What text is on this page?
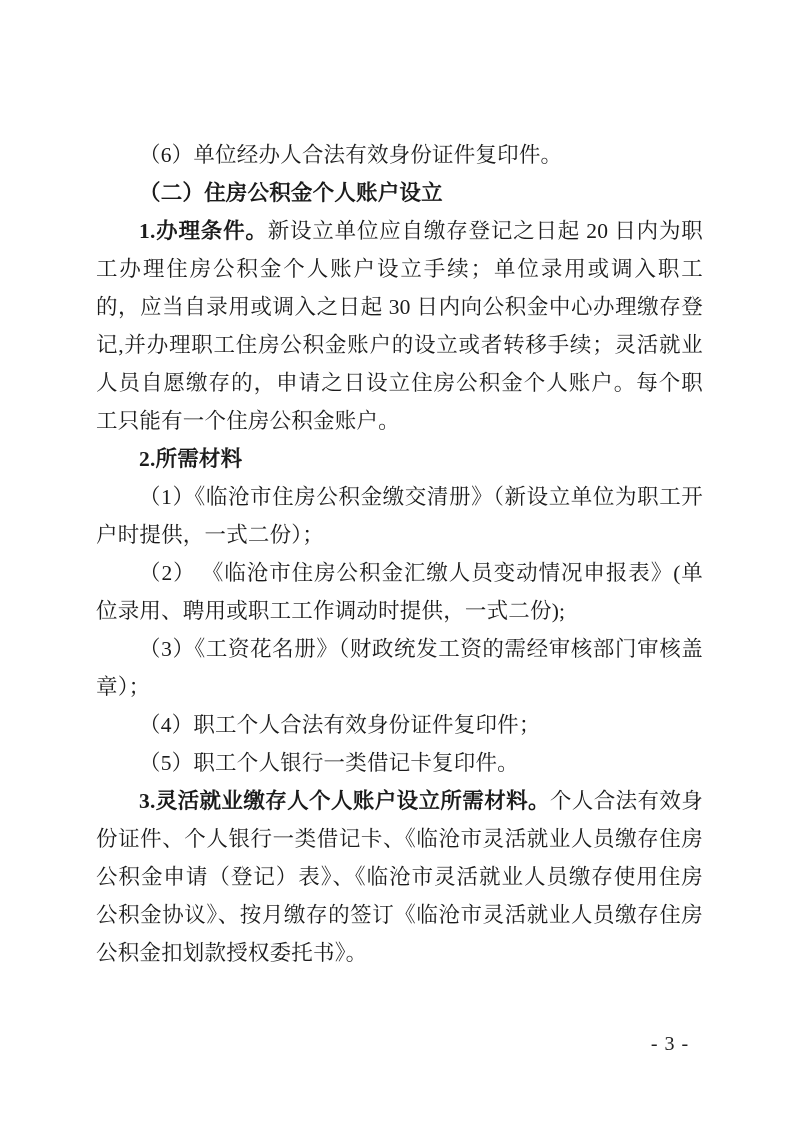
（6）单位经办人合法有效身份证件复印件。

（二）住房公积金个人账户设立

1.办理条件。新设立单位应自缴存登记之日起 20 日内为职工办理住房公积金个人账户设立手续；单位录用或调入职工的，应当自录用或调入之日起 30 日内向公积金中心办理缴存登记,并办理职工住房公积金账户的设立或者转移手续；灵活就业人员自愿缴存的，申请之日设立住房公积金个人账户。每个职工只能有一个住房公积金账户。

2.所需材料

（1）《临沧市住房公积金缴交清册》（新设立单位为职工开户时提供，一式二份）；

（2） 《临沧市住房公积金汇缴人员变动情况申报表》(单位录用、聘用或职工工作调动时提供，一式二份);

（3）《工资花名册》（财政统发工资的需经审核部门审核盖章）；

（4）职工个人合法有效身份证件复印件；

（5）职工个人银行一类借记卡复印件。

3.灵活就业缴存人个人账户设立所需材料。个人合法有效身份证件、个人银行一类借记卡、《临沧市灵活就业人员缴存住房公积金申请（登记）表》、《临沧市灵活就业人员缴存使用住房公积金协议》、按月缴存的签订《临沧市灵活就业人员缴存住房公积金扣划款授权委托书》。

- 3 -
